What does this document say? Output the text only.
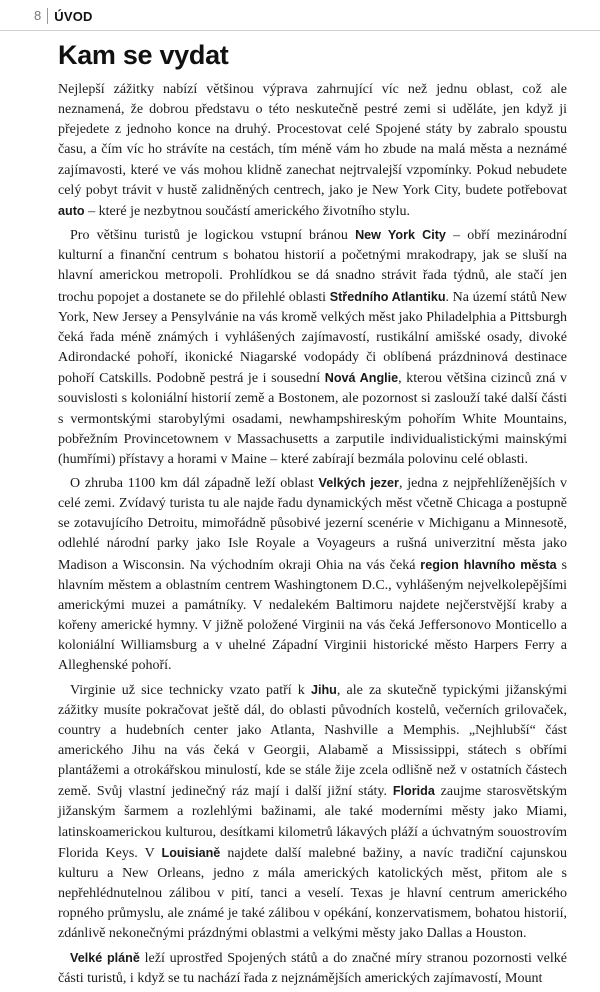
8	ÚVOD
Kam se vydat

Nejlepší zážitky nabízí většinou výprava zahrnující víc než jednu oblast, což ale neznamená, že dobrou představu o této neskutečně pestré zemi si uděláte, jen když ji přejedete z jednoho konce na druhý. Procestovat celé Spojené státy by zabralo spoustu času, a čím víc ho strávíte na cestách, tím méně vám ho zbude na malá města a neznámé zajímavosti, které ve vás mohou klidně zanechat nejtrvalejší vzpomínky. Pokud nebudete celý pobyt trávit v hustě zalidněných centrech, jako je New York City, budete potřebovat auto – které je nezbytnou součástí amerického životního stylu.

Pro většinu turistů je logickou vstupní bránou New York City – obří mezinárodní kulturní a finanční centrum s bohatou historií a početnými mrakodrapy, jak se sluší na hlavní americkou metropoli. Prohlídkou se dá snadno strávit řada týdnů, ale stačí jen trochu popojet a dostanete se do přilehlé oblasti Středního Atlantiku. Na území států New York, New Jersey a Pensylvánie na vás kromě velkých měst jako Philadelphia a Pittsburgh čeká řada méně známých i vyhlášených zajímavostí, rustikální amišské osady, divoké Adirondacké pohoří, ikonické Niagarské vodopády či oblíbená prázdninová destinace pohoří Catskills. Podobně pestrá je i sousední Nová Anglie, kterou většina cizinců zná v souvislosti s koloniální historií země a Bostonem, ale pozornost si zaslouží také další části s vermontskými starobylými osadami, newhampshireským pohořím White Mountains, pobřežním Provincetownem v Massachusetts a zarputile individualistickými mainskými (humřími) přístavy a horami v Maine – které zabírají bezmála polovinu celé oblasti.

O zhruba 1100 km dál západně leží oblast Velkých jezer, jedna z nejpřehlíženějších v celé zemi. Zvídavý turista tu ale najde řadu dynamických měst včetně Chicaga a postupně se zotavujícího Detroitu, mimořádně působivé jezerní scenérie v Michiganu a Minnesotě, odlehlé národní parky jako Isle Royale a Voyageurs a rušná univerzitní města jako Madison a Wisconsin. Na východním okraji Ohia na vás čeká region hlavního města s hlavním městem a oblastním centrem Washingtonem D.C., vyhlášeným nejvelkolepějšími americkými muzei a památníky. V nedalekém Baltimoru najdete nejčerstvější kraby a kořeny americké hymny. V jižně položené Virginii na vás čeká Jeffersonovo Monticello a koloniální Williamsburg a v uhelné Západní Virginii historické město Harpers Ferry a Alleghenské pohoří.

Virginie už sice technicky vzato patří k Jihu, ale za skutečně typickými jižanskými zážitky musíte pokračovat ještě dál, do oblasti původních kostelů, večerních grilovaček, country a hudebních center jako Atlanta, Nashville a Memphis. „Nejhlubší“ část amerického Jihu na vás čeká v Georgii, Alabamě a Mississippi, státech s obřími plantážemi a otrokářskou minulostí, kde se stále žije zcela odlišně než v ostatních částech země. Svůj vlastní jedinečný ráz mají i další jižní státy. Florida zaujme starosvětským jižanským šarmem a rozlehlými bažinami, ale také moderními městy jako Miami, latinskoamerickou kulturou, desítkami kilometrů lákavých pláží a úchvatným souostrovím Florida Keys. V Louisianě najdete další malebné bažiny, a navíc tradiční cajunskou kulturu a New Orleans, jedno z mála amerických katolických měst, přitom ale s nepřehlédnutelnou zálibou v pití, tanci a veselí. Texas je hlavní centrum amerického ropného průmyslu, ale známé je také zálibou v opékání, konzervatismem, bohatou historií, zdánlivě nekonečnými prázdnými oblastmi a velkými městy jako Dallas a Houston.

Velké pláně leží uprostřed Spojených států a do značné míry stranou pozornosti velké části turistů, i když se tu nachází řada z nejznámějších amerických zajímavostí, Mount
